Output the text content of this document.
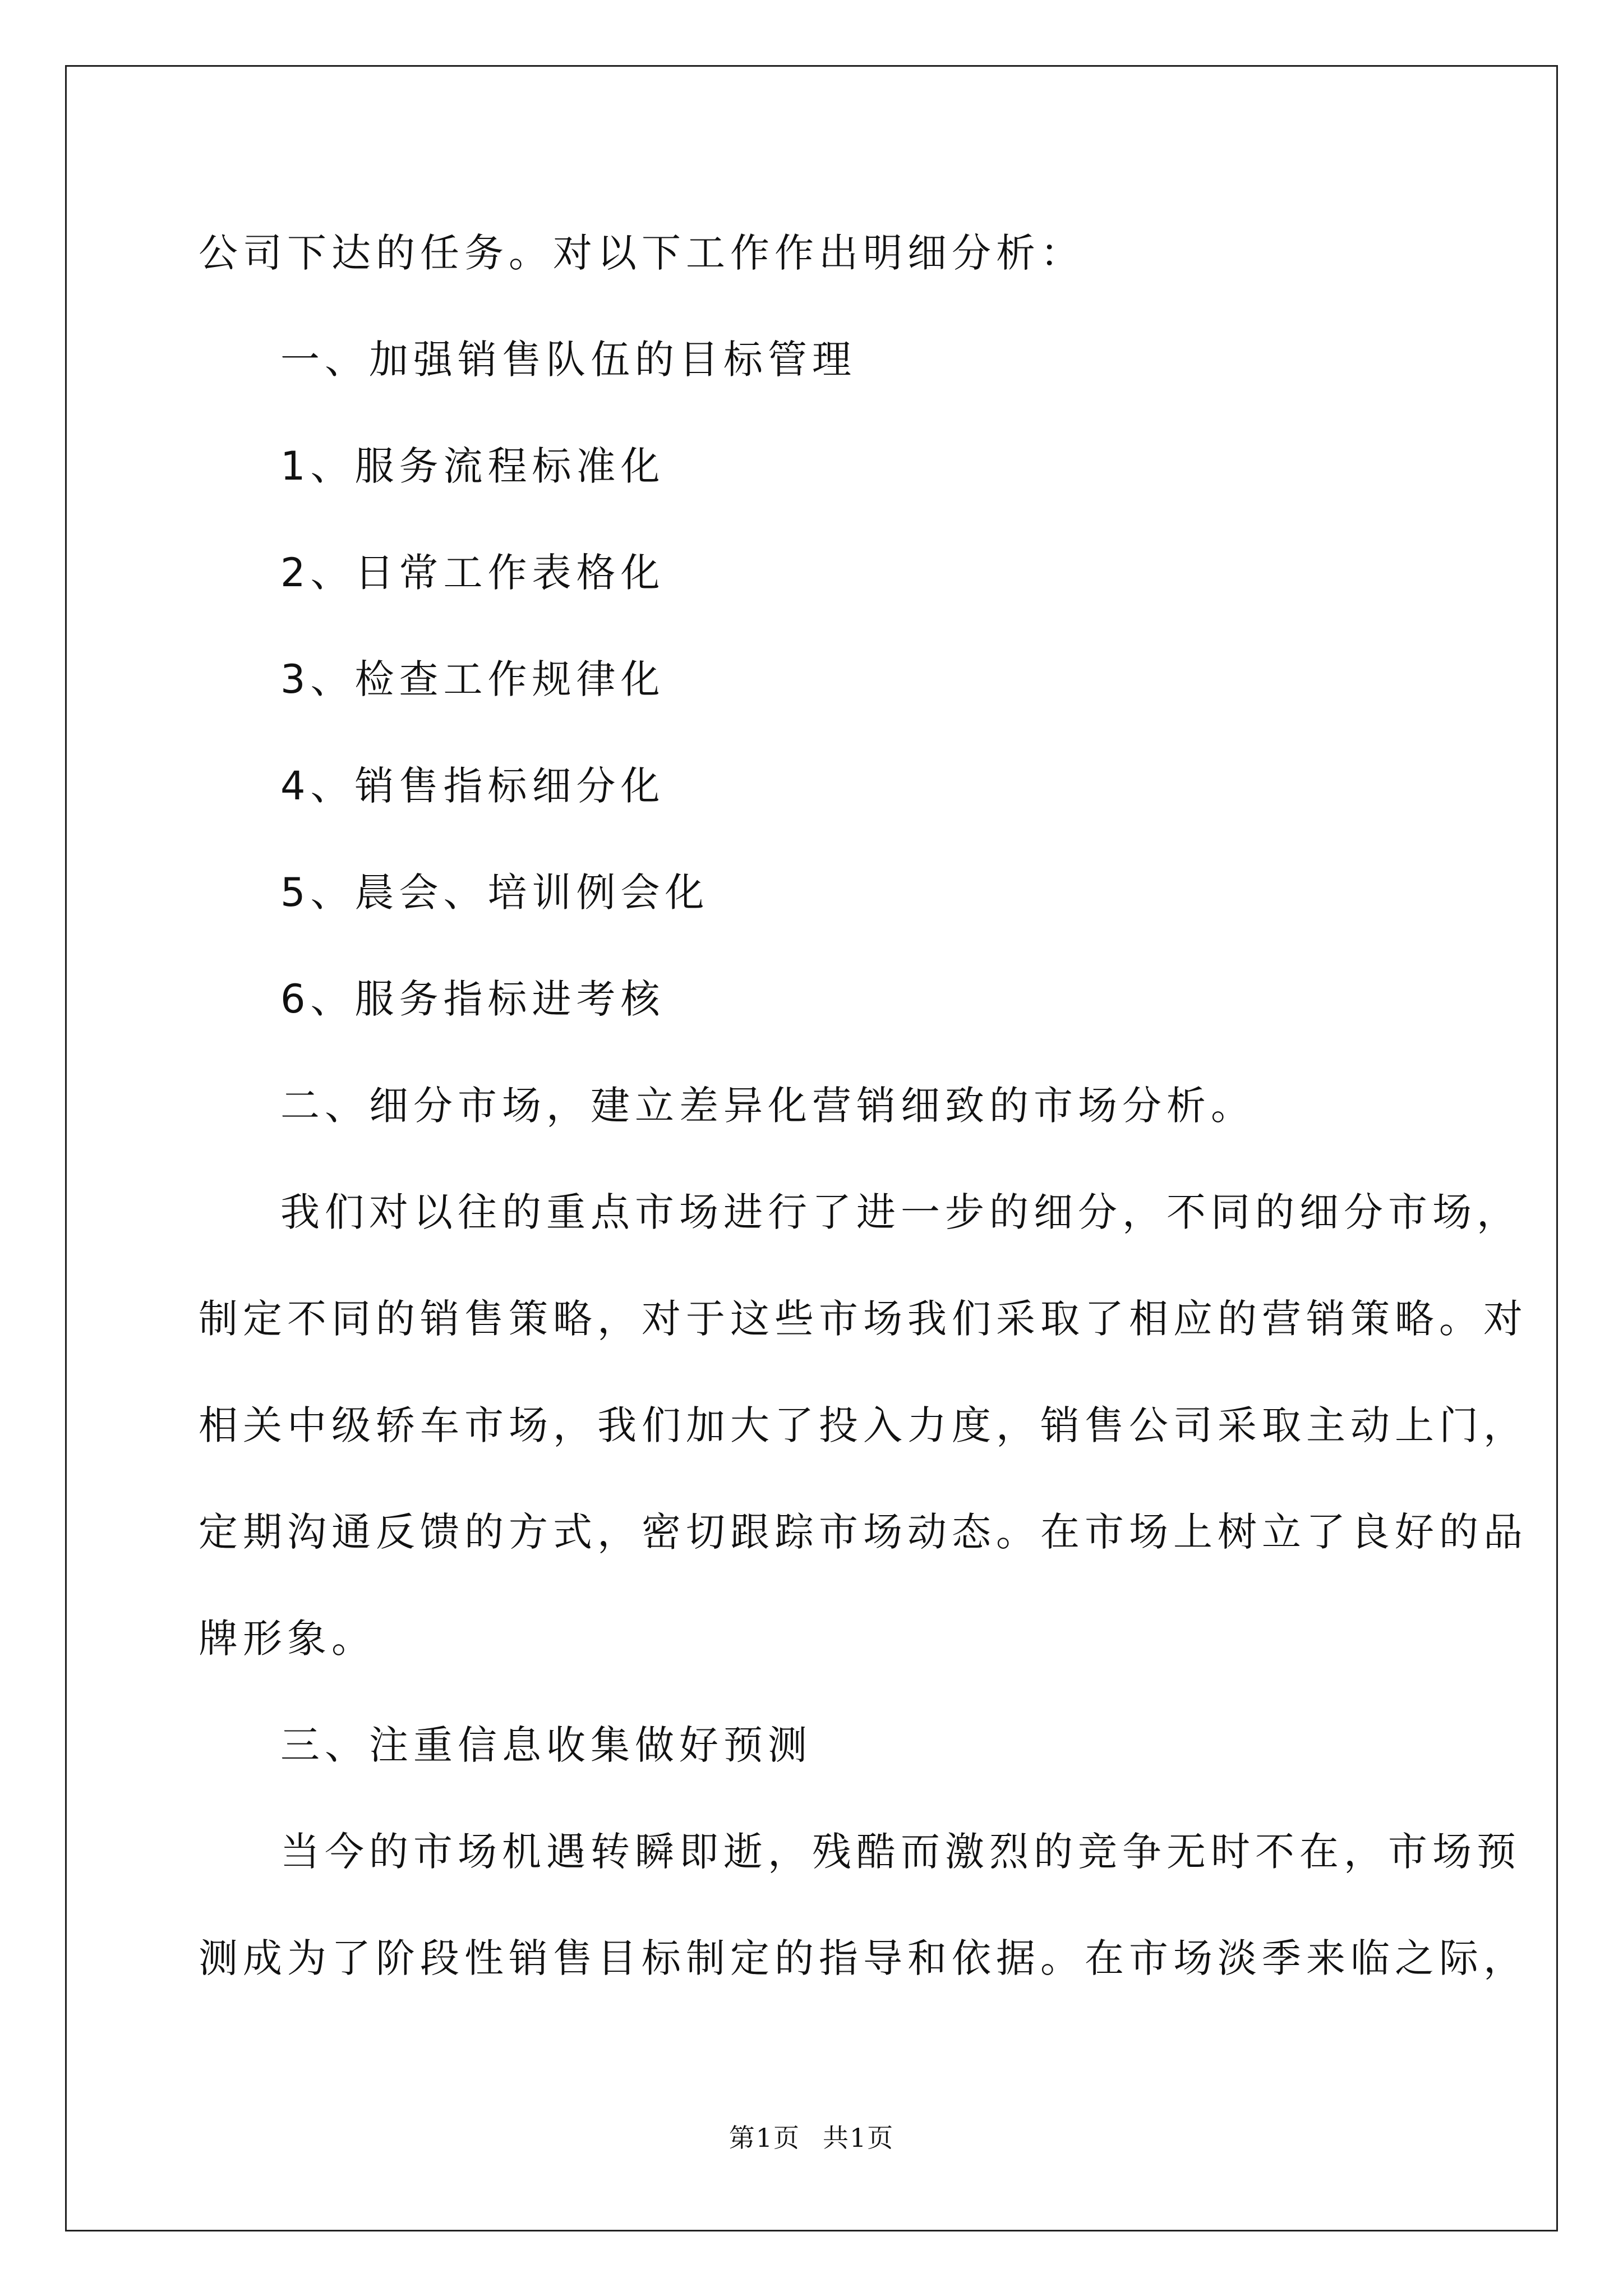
公司下达的任务。对以下工作作出明细分析：
一、加强销售队伍的目标管理
1、服务流程标准化
2、日常工作表格化
3、检查工作规律化
4、销售指标细分化
5、晨会、培训例会化
6、服务指标进考核
二、细分市场，建立差异化营销细致的市场分析。
我们对以往的重点市场进行了进一步的细分，不同的细分市场，
制定不同的销售策略，对于这些市场我们采取了相应的营销策略。对
相关中级轿车市场，我们加大了投入力度，销售公司采取主动上门，
定期沟通反馈的方式，密切跟踪市场动态。在市场上树立了良好的品
牌形象。
三、注重信息收集做好预测
当今的市场机遇转瞬即逝，残酷而激烈的竞争无时不在，市场预
测成为了阶段性销售目标制定的指导和依据。在市场淡季来临之际，
第1页 共1页
